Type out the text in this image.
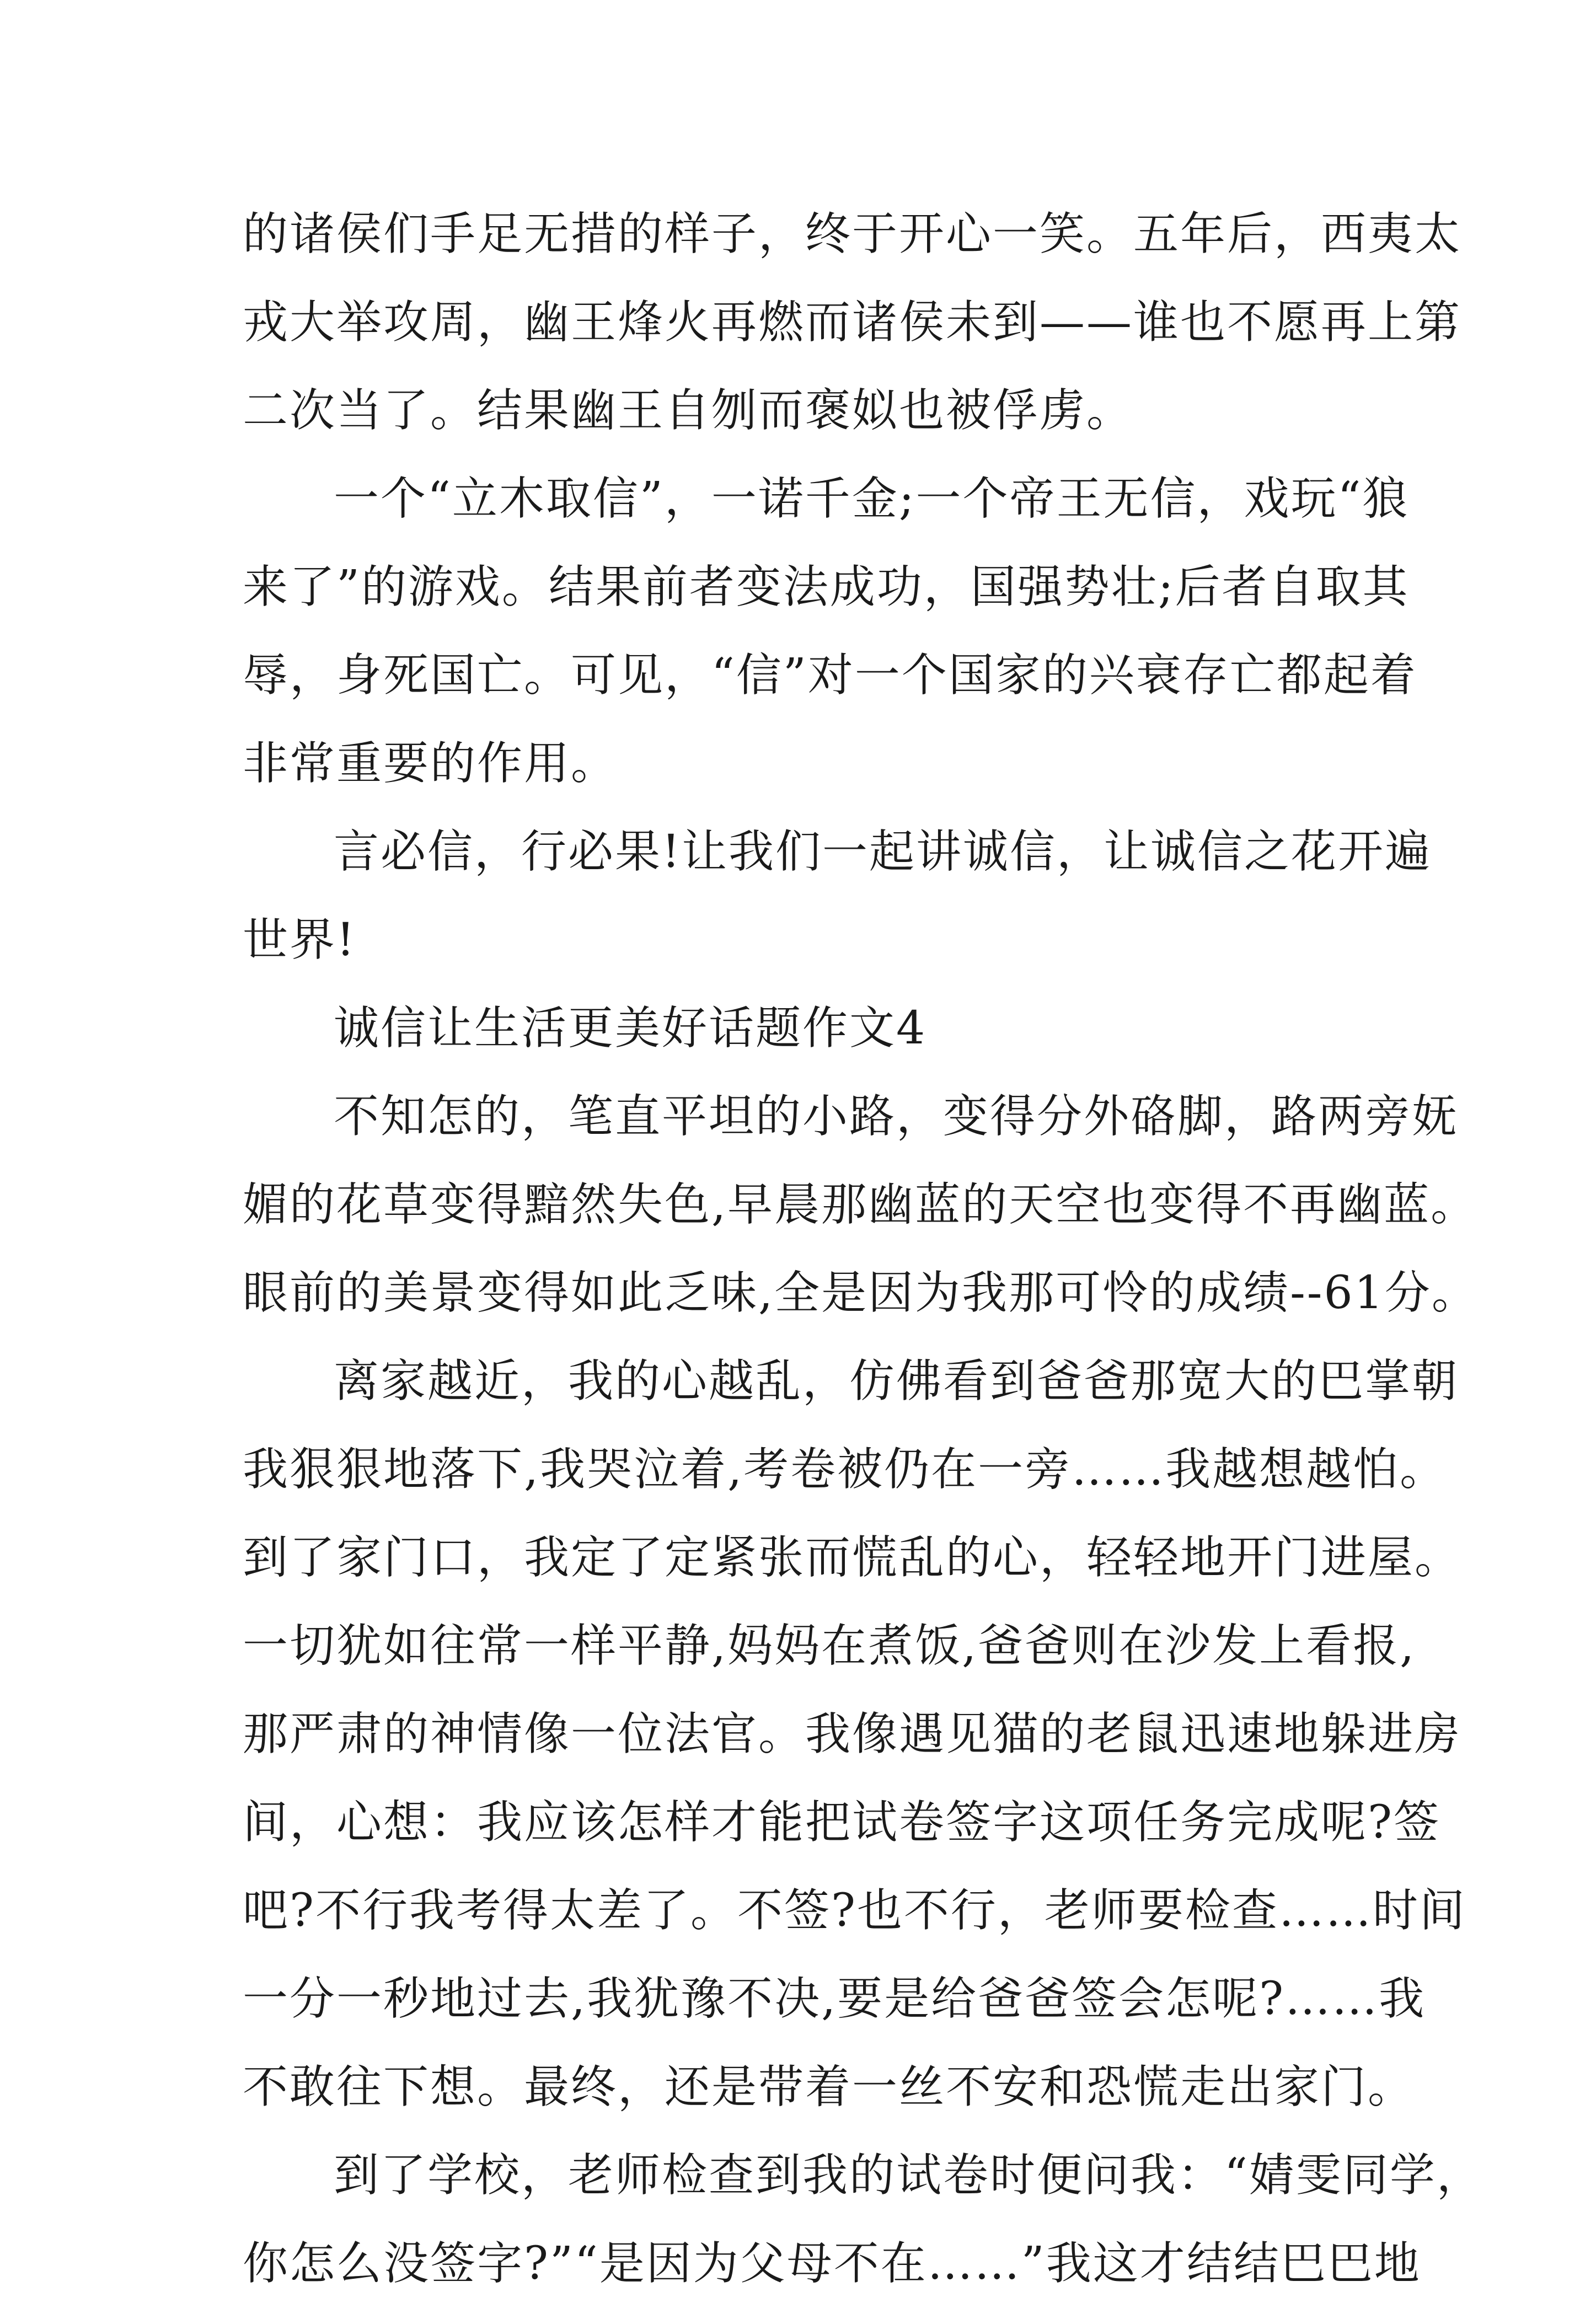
的诸侯们手足无措的样子，终于开心一笑。五年后，西夷太
戎大举攻周，幽王烽火再燃而诸侯未到——谁也不愿再上第
二次当了。结果幽王自刎而褒姒也被俘虏。
一个“立木取信”，一诺千金;一个帝王无信，戏玩“狼
来了”的游戏。结果前者变法成功，国强势壮;后者自取其
辱，身死国亡。可见，“信”对一个国家的兴衰存亡都起着
非常重要的作用。
言必信，行必果!让我们一起讲诚信，让诚信之花开遍
世界!
诚信让生活更美好话题作文4
不知怎的，笔直平坦的小路，变得分外硌脚，路两旁妩
媚的花草变得黯然失色,早晨那幽蓝的天空也变得不再幽蓝。
眼前的美景变得如此乏味,全是因为我那可怜的成绩--61分。
离家越近，我的心越乱，仿佛看到爸爸那宽大的巴掌朝
我狠狠地落下,我哭泣着,考卷被仍在一旁……我越想越怕。
到了家门口，我定了定紧张而慌乱的心，轻轻地开门进屋。
一切犹如往常一样平静,妈妈在煮饭,爸爸则在沙发上看报,
那严肃的神情像一位法官。我像遇见猫的老鼠迅速地躲进房
间，心想：我应该怎样才能把试卷签字这项任务完成呢?签
吧?不行我考得太差了。不签?也不行，老师要检查……时间
一分一秒地过去,我犹豫不决,要是给爸爸签会怎呢?……我
不敢往下想。最终，还是带着一丝不安和恐慌走出家门。
到了学校，老师检查到我的试卷时便问我：“婧雯同学，
你怎么没签字?”“是因为父母不在……”我这才结结巴巴地
